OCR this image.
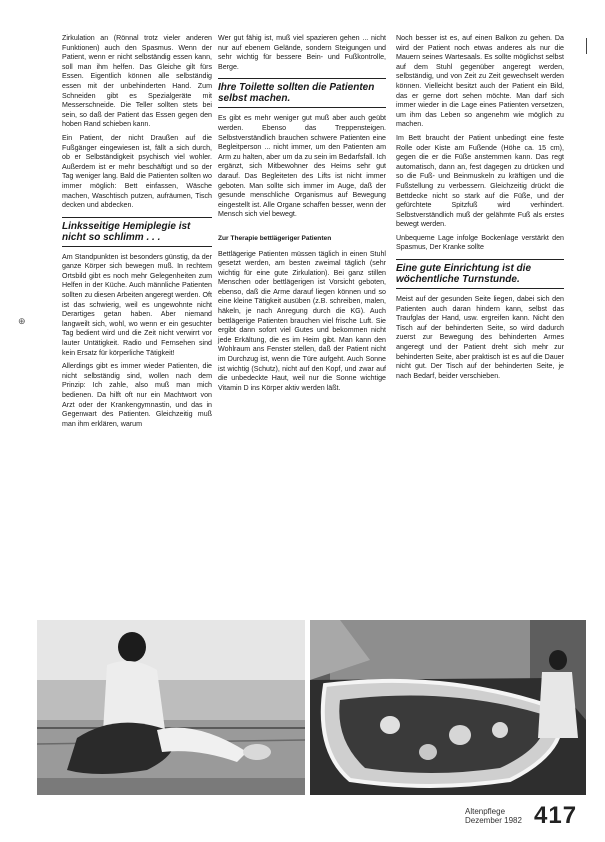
Zirkulation an (Rönnal trotz vieler anderen Funktionen) auch den Spasmus. Wenn der Patient, wenn er nicht selbständig essen kann, soll man ihm helfen. Das Gleiche gilt fürs Essen. Eigentlich können alle selbständig essen mit der unbehinderten Hand. Zum Schneiden gibt es Spezialgeräte mit Messerschneide. Die Teller sollten stets bei sein, so daß der Patient das Essen gegen den hoben Rand schieben kann.

Ein Patient, der nicht Draußen auf die Fußgänger eingewiesen ist, fällt a sich durch, ob er Selbständigkeit psychisch viel wohler. Außerdem ist er mehr beschäftigt und so der Tag weniger lang. Bald die Patienten sollten wo immer möglich: Bett einfassen, Wäsche machen, Waschtisch putzen, aufräumen, Tisch decken und abdecken.

Linksseitige Hemiplegie ist nicht so schlimm . . .

Am Standpunkten ist besonders günstig, da der ganze Körper sich bewegen muß. In rechtem Ortsbild gibt es noch mehr Gelegenheiten zum Helfen in der Küche. Auch männliche Patienten sollten zu diesen Arbeiten angeregt werden. Oft ist das schwierig, weil es ungewohnte nicht Derartiges getan haben. Aber niemand langweilt sich, wohl, wo wenn er ein gesuchter Tag bedient wird und die Zeit nicht verwirrt vor lauter Untätigkeit. Radio und Fernsehen sind kein Ersatz für körperliche Tätigkeit!

Allerdings gibt es immer wieder Patienten, die nicht selbständig sind, wollen nach dem Prinzip: Ich zahle, also muß man mich bedienen. Da hilft oft nur ein Machtwort von Arzt oder der Krankengymnastin, und das in Gegenwart des Patienten. Gleichzeitig muß man ihm erklären, warum

Wer gut fähig ist, muß viel spazieren gehen ... nicht nur auf ebenem Gelände, sondern Steigungen und sehr wichtig für bessere Bein- und Fußkontrolle, Berge.

Ihre Toilette sollten die Patienten selbst machen.

Es gibt es mehr weniger gut muß aber auch geübt werden. Ebenso das Treppensteigen. Selbstverständlich brauchen schwere Patienten eine Begleitperson ... nicht immer, um den Patienten am Arm zu halten, aber um da zu sein im Bedarfsfall. Ich ergänzt, sich Mitbewohner des Heims sehr gut darauf. Das Begleiteten des Lifts ist nicht immer geboten. Man sollte sich immer im Auge, daß der gesunde menschliche Organismus auf Bewegung eingestellt ist. Alle Organe schaffen besser, wenn der Mensch sich viel bewegt.

Zur Therapie bettlägeriger Patienten

Bettlägerige Patienten müssen täglich in einen Stuhl gesetzt werden, am besten zweimal täglich (sehr wichtig für eine gute Zirkulation). Bei ganz stillen Menschen oder bettlägerigen ist Vorsicht geboten, ebenso, daß die Arme darauf liegen können und so eine kleine Tätigkeit ausüben (z.B. schreiben, malen, häkeln, je nach Anregung durch die KG). Auch bettlägerige Patienten brauchen viel frische Luft. Sie ergibt dann sofort viel Gutes und bekommen nicht jede Erkältung, die es im Heim gibt. Man kann den Wohlraum ans Fenster stellen, daß der Patient nicht im Durchzug ist, wenn die Türe aufgeht. Auch Sonne ist wichtig (Schutz), nicht auf den Kopf, und zwar auf die unbedeckte Haut, weil nur die Sonne wichtige Vitamin D ins Körper aktiv werden läßt.

Noch besser ist es, auf einen Balkon zu gehen. Da wird der Patient noch etwas anderes als nur die Mauern seines Wartesaals. Es sollte möglichst selbst auf dem Stuhl gegenüber angeregt werden, selbständig, und von Zeit zu Zeit gewechselt werden können. Vielleicht besitzt auch der Patient ein Bild, das er gerne dort sehen möchte. Man darf sich immer wieder in die Lage eines Patienten versetzen, um ihm das Leben so angenehm wie möglich zu machen.

Im Bett braucht der Patient unbedingt eine feste Rolle oder Kiste am Fußende (Höhe ca. 15 cm), gegen die er die Füße anstemmen kann. Das regt automatisch, dann an, fest dagegen zu drücken und so die Fuß- und Beinmuskeln zu kräftigen und die Fußstellung zu verbessern. Gleichzeitig drückt die Bettdecke nicht so stark auf die Füße, und der gefürchtete Spitzfuß wird verhindert. Selbstverständlich muß der gelähmte Fuß als erstes bewegt werden.

Unbequeme Lage infolge Bockenlage verstärkt den Spasmus, Der Kranke sollte

Eine gute Einrichtung ist die wöchentliche Turnstunde.

Meist auf der gesunden Seite liegen, dabei sich den Patienten auch daran hindern kann, selbst das Traufglas der Hand, usw. ergreifen kann. Nicht den Tisch auf der behinderten Seite, so wird dadurch zuerst zur Bewegung des behinderten Armes angeregt und der Patient dreht sich mehr zur behinderten Seite, aber praktisch ist es auf die Dauer nicht gut. Der Tisch auf der behinderten Seite, je nach Bedarf, beider verschieben.

⊕
Altenpflege
Dezember 1982 417
